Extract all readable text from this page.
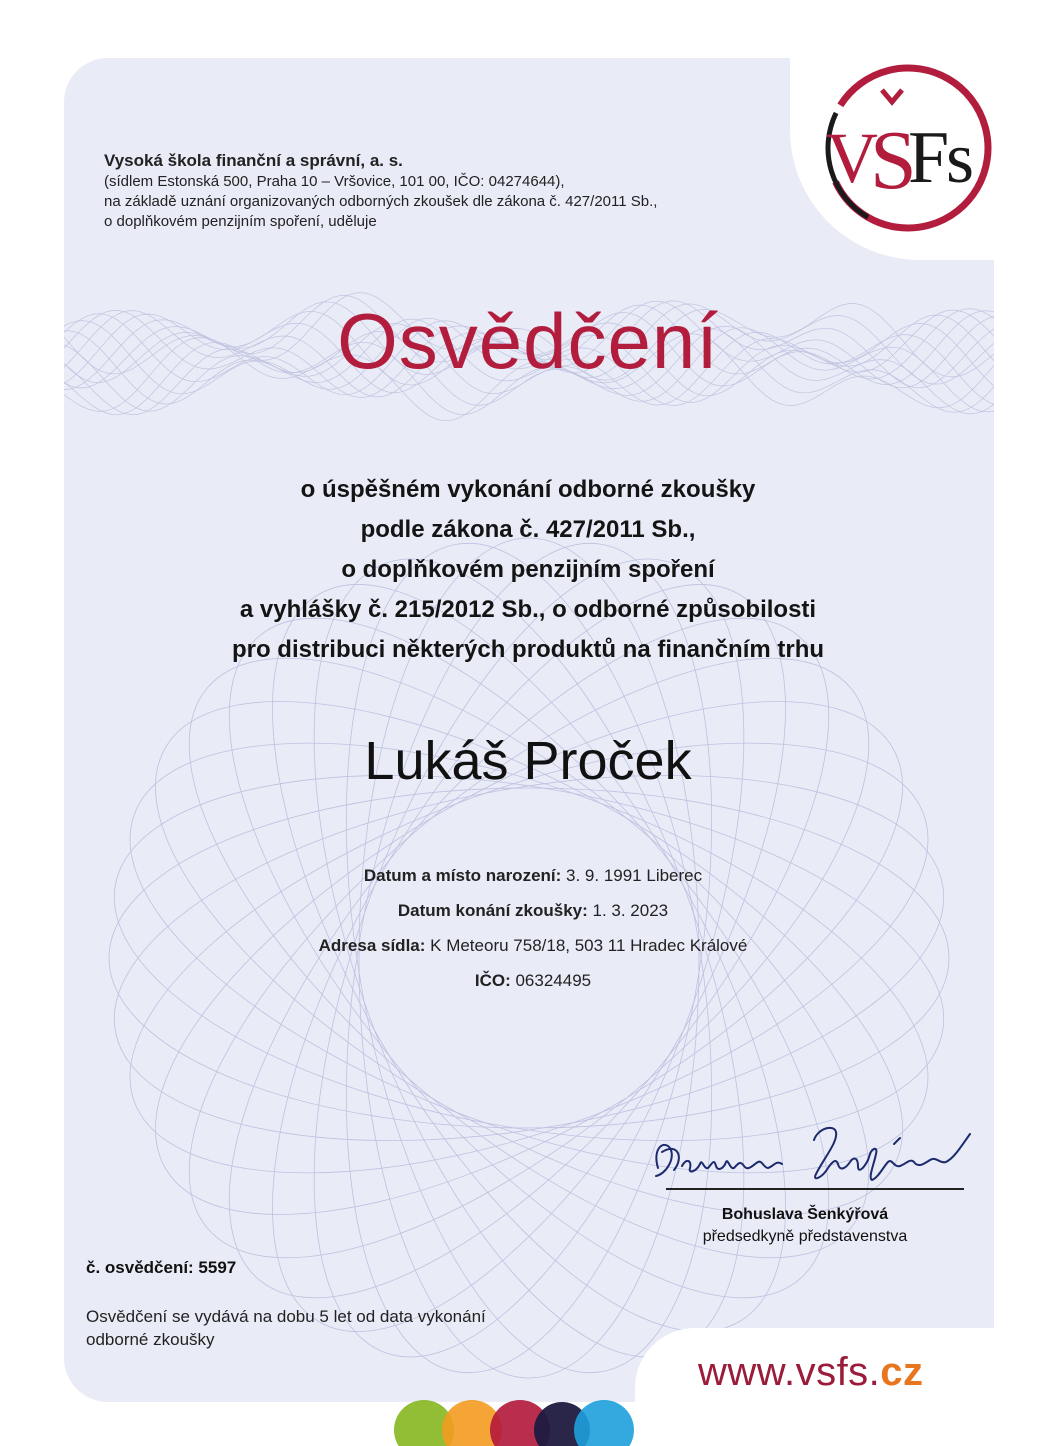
V
S
F
s
Vysoká škola finanční a správní, a. s.
(sídlem Estonská 500, Praha 10 – Vršovice, 101 00, IČO: 04274644),
na základě uznání organizovaných odborných zkoušek dle zákona č. 427/2011 Sb.,
o doplňkovém penzijním spoření, uděluje
Osvědčení
o úspěšném vykonání odborné zkoušky
podle zákona č. 427/2011 Sb.,
o doplňkovém penzijním spoření
a vyhlášky č. 215/2012 Sb., o odborné způsobilosti
pro distribuci některých produktů na finančním trhu
Lukáš Proček
Datum a místo narození: 3. 9. 1991 Liberec
Datum konání zkoušky: 1. 3. 2023
Adresa sídla: K Meteoru 758/18, 503 11 Hradec Králové
IČO: 06324495
Bohuslava Šenkýřová
předsedkyně představenstva
č. osvědčení: 5597
Osvědčení se vydává na dobu 5 let od data vykonání
odborné zkoušky
www.vsfs.cz
